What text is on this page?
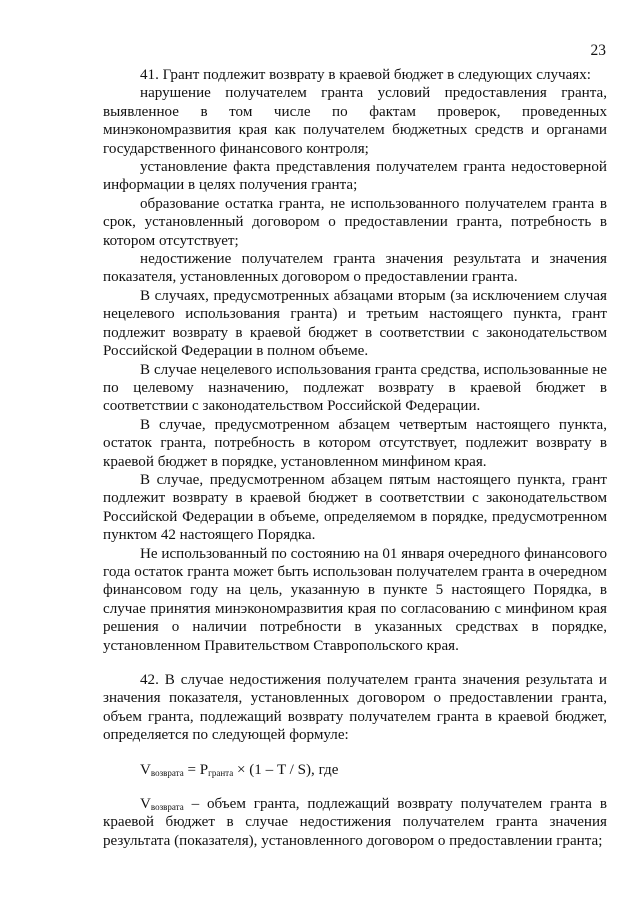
23

41. Грант подлежит возврату в краевой бюджет в следующих случаях:

нарушение получателем гранта условий предоставления гранта, выявленное в том числе по фактам проверок, проведенных минэкономразвития края как получателем бюджетных средств и органами государственного финансового контроля;

установление факта представления получателем гранта недостоверной информации в целях получения гранта;

образование остатка гранта, не использованного получателем гранта в срок, установленный договором о предоставлении гранта, потребность в котором отсутствует;

недостижение получателем гранта значения результата и значения показателя, установленных договором о предоставлении гранта.

В случаях, предусмотренных абзацами вторым (за исключением случая нецелевого использования гранта) и третьим настоящего пункта, грант подлежит возврату в краевой бюджет в соответствии с законодательством Российской Федерации в полном объеме.

В случае нецелевого использования гранта средства, использованные не по целевому назначению, подлежат возврату в краевой бюджет в соответствии с законодательством Российской Федерации.

В случае, предусмотренном абзацем четвертым настоящего пункта, остаток гранта, потребность в котором отсутствует, подлежит возврату в краевой бюджет в порядке, установленном минфином края.

В случае, предусмотренном абзацем пятым настоящего пункта, грант подлежит возврату в краевой бюджет в соответствии с законодательством Российской Федерации в объеме, определяемом в порядке, предусмотренном пунктом 42 настоящего Порядка.

Не использованный по состоянию на 01 января очередного финансового года остаток гранта может быть использован получателем гранта в очередном финансовом году на цель, указанную в пункте 5 настоящего Порядка, в случае принятия минэкономразвития края по согласованию с минфином края решения о наличии потребности в указанных средствах в порядке, установленном Правительством Ставропольского края.

42. В случае недостижения получателем гранта значения результата и значения показателя, установленных договором о предоставлении гранта, объем гранта, подлежащий возврату получателем гранта в краевой бюджет, определяется по следующей формуле:

$V_{возврата} = P_{гранта} \times (1 - T / S)$, где

$V_{возврата}$ – объем гранта, подлежащий возврату получателем гранта в краевой бюджет в случае недостижения получателем гранта значения результата (показателя), установленного договором о предоставлении гранта;
